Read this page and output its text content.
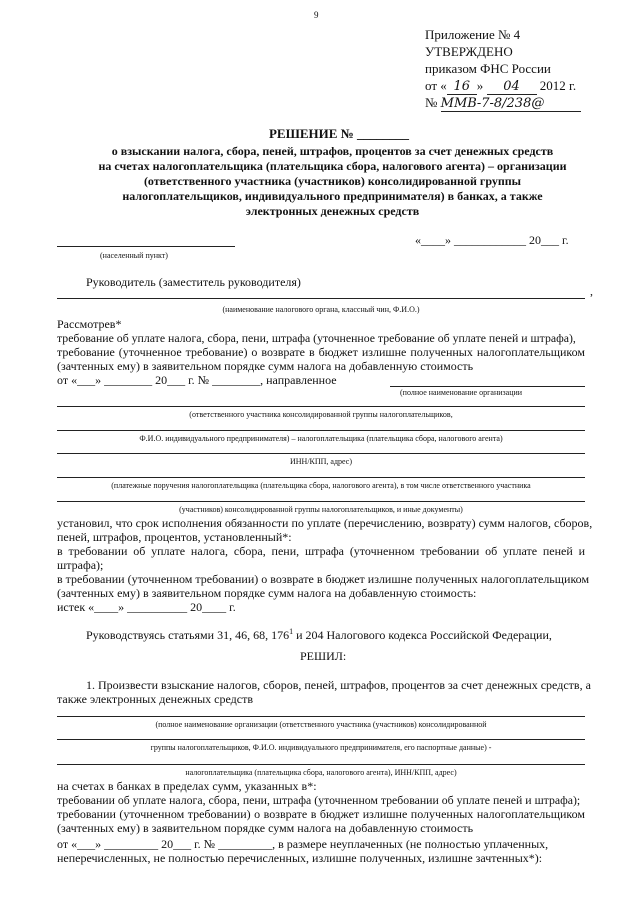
9
Приложение № 4
УТВЕРЖДЕНО
приказом ФНС России
от « 16 » 04 2012 г.
№ ММВ-7-8/238@
РЕШЕНИЕ № ________
о взыскании налога, сбора, пеней, штрафов, процентов за счет денежных средств
на счетах налогоплательщика (плательщика сбора, налогового агента) – организации
(ответственного участника (участников) консолидированной группы
налогоплательщиков, индивидуального предпринимателя) в банках, а также
электронных денежных средств
(населенный пункт)
«____» ____________ 20___ г.
Руководитель (заместитель руководителя)
,
(наименование налогового органа, классный чин, Ф.И.О.)
Рассмотрев*
требование об уплате налога, сбора, пени, штрафа (уточненное требование об уплате пеней и штрафа),
требование (уточненное требование) о возврате в бюджет излишне полученных налогоплательщиком
(зачтенных ему) в заявительном порядке сумм налога на добавленную стоимость
от «___» ________ 20___ г. № ________, направленное
(полное наименование организации
(ответственного участника консолидированной группы налогоплательщиков,
Ф.И.О. индивидуального предпринимателя) – налогоплательщика (плательщика сбора, налогового агента)
ИНН/КПП, адрес)
(платежные поручения налогоплательщика (плательщика сбора, налогового агента), в том числе ответственного участника
(участников) консолидированной группы налогоплательщиков, и иные документы)
установил, что срок исполнения обязанности по уплате (перечислению, возврату) сумм налогов, сборов,
пеней, штрафов, процентов, установленный*:
в требовании об уплате налога, сбора, пени, штрафа (уточненном требовании об уплате пеней и
штрафа);
в требовании (уточненном требовании) о возврате в бюджет излишне полученных налогоплательщиком
(зачтенных ему) в заявительном порядке сумм налога на добавленную стоимость:
истек «____» __________ 20____ г.
Руководствуясь статьями 31, 46, 68, $176^1$ и 204 Налогового кодекса Российской Федерации,
РЕШИЛ:
1. Произвести взыскание налогов, сборов, пеней, штрафов, процентов за счет денежных средств, а
также электронных денежных средств
(полное наименование организации (ответственного участника (участников) консолидированной
группы налогоплательщиков, Ф.И.О. индивидуального предпринимателя, его паспортные данные) -
налогоплательщика (плательщика сбора, налогового агента), ИНН/КПП, адрес)
на счетах в банках в пределах сумм, указанных в*:
требовании об уплате налога, сбора, пени, штрафа (уточненном требовании об уплате пеней и штрафа);
требовании (уточненном требовании) о возврате в бюджет излишне полученных налогоплательщиком
(зачтенных ему) в заявительном порядке сумм налога на добавленную стоимость
от «___» _________ 20___ г. № _________, в размере неуплаченных (не полностью уплаченных,
неперечисленных, не полностью перечисленных, излишне полученных, излишне зачтенных*):
